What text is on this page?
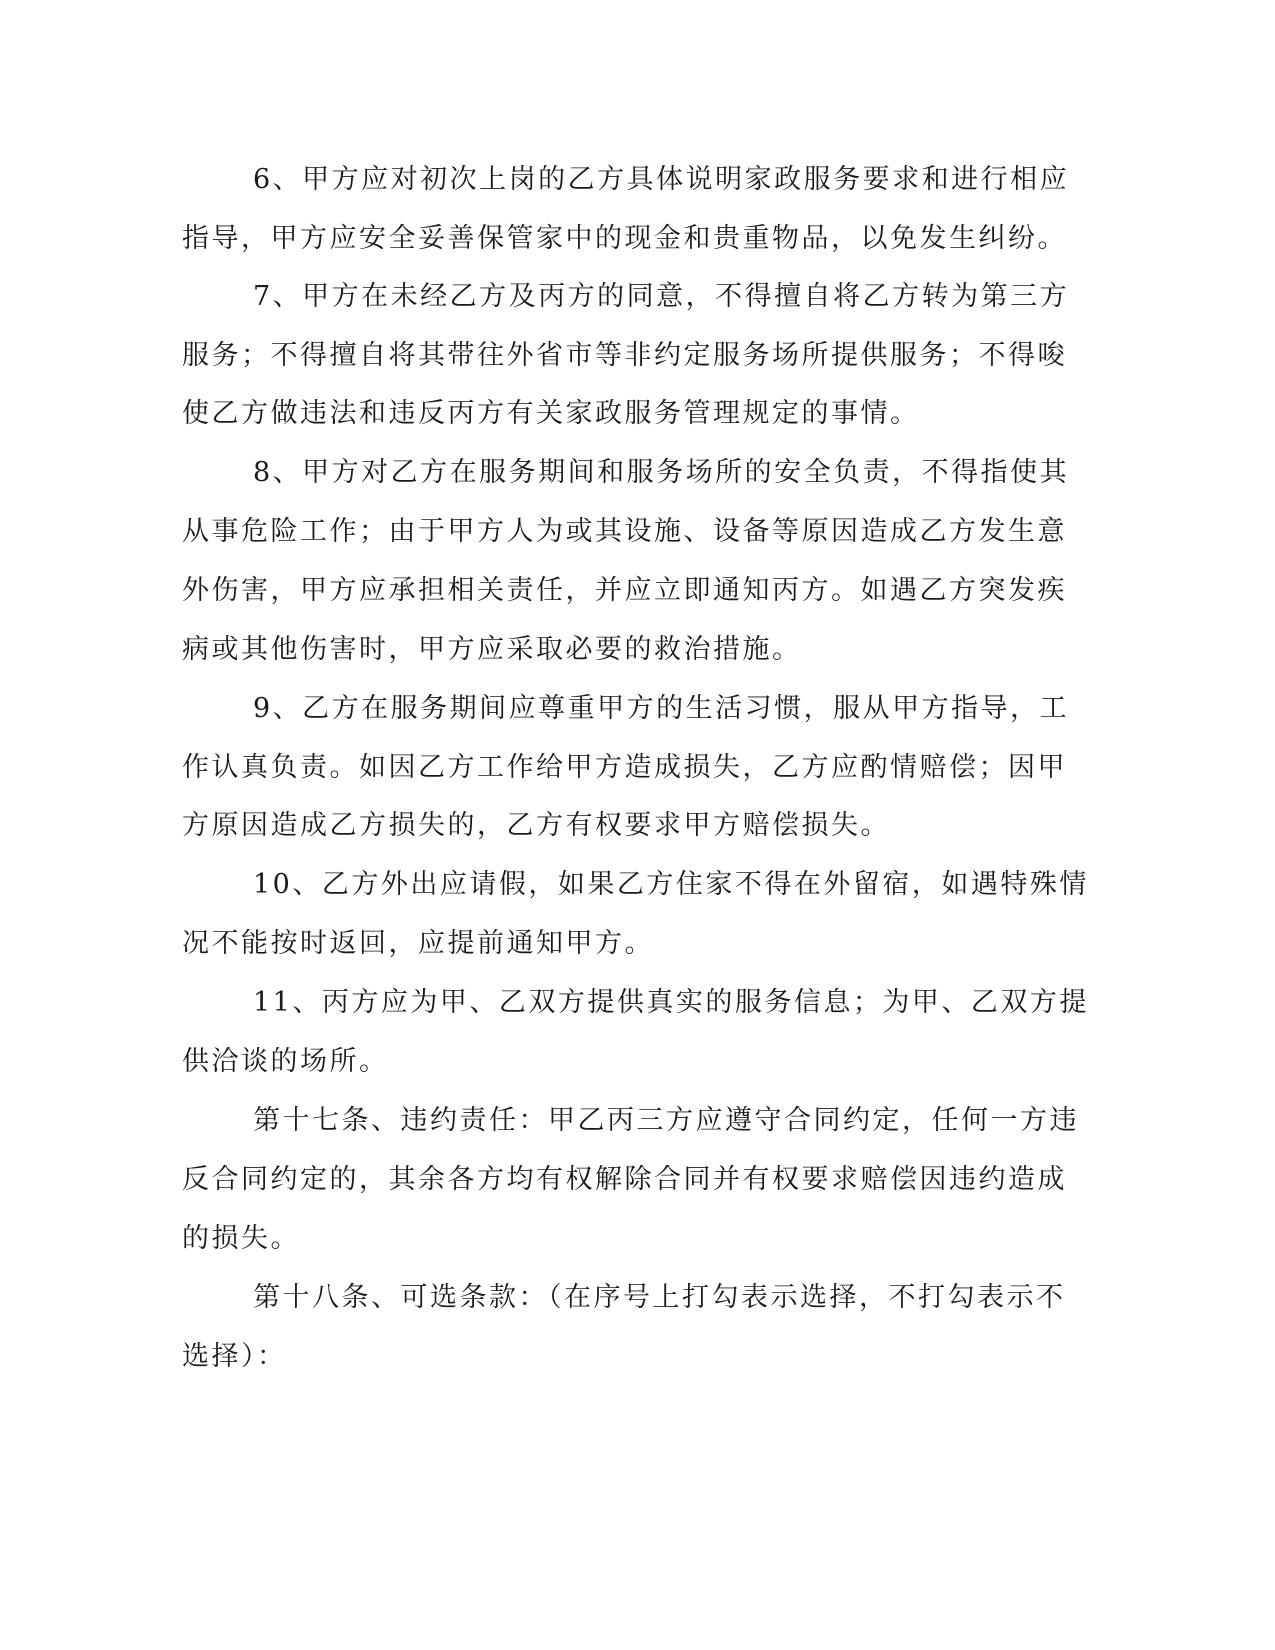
6、甲方应对初次上岗的乙方具体说明家政服务要求和进行相应
指导，甲方应安全妥善保管家中的现金和贵重物品，以免发生纠纷。
7、甲方在未经乙方及丙方的同意，不得擅自将乙方转为第三方
服务；不得擅自将其带往外省市等非约定服务场所提供服务；不得唆
使乙方做违法和违反丙方有关家政服务管理规定的事情。
8、甲方对乙方在服务期间和服务场所的安全负责，不得指使其
从事危险工作；由于甲方人为或其设施、设备等原因造成乙方发生意
外伤害，甲方应承担相关责任，并应立即通知丙方。如遇乙方突发疾
病或其他伤害时，甲方应采取必要的救治措施。
9、乙方在服务期间应尊重甲方的生活习惯，服从甲方指导，工
作认真负责。如因乙方工作给甲方造成损失，乙方应酌情赔偿；因甲
方原因造成乙方损失的，乙方有权要求甲方赔偿损失。
10、乙方外出应请假，如果乙方住家不得在外留宿，如遇特殊情
况不能按时返回，应提前通知甲方。
11、丙方应为甲、乙双方提供真实的服务信息；为甲、乙双方提
供洽谈的场所。
第十七条、违约责任：甲乙丙三方应遵守合同约定，任何一方违
反合同约定的，其余各方均有权解除合同并有权要求赔偿因违约造成
的损失。
第十八条、可选条款：（在序号上打勾表示选择，不打勾表示不
选择）：
